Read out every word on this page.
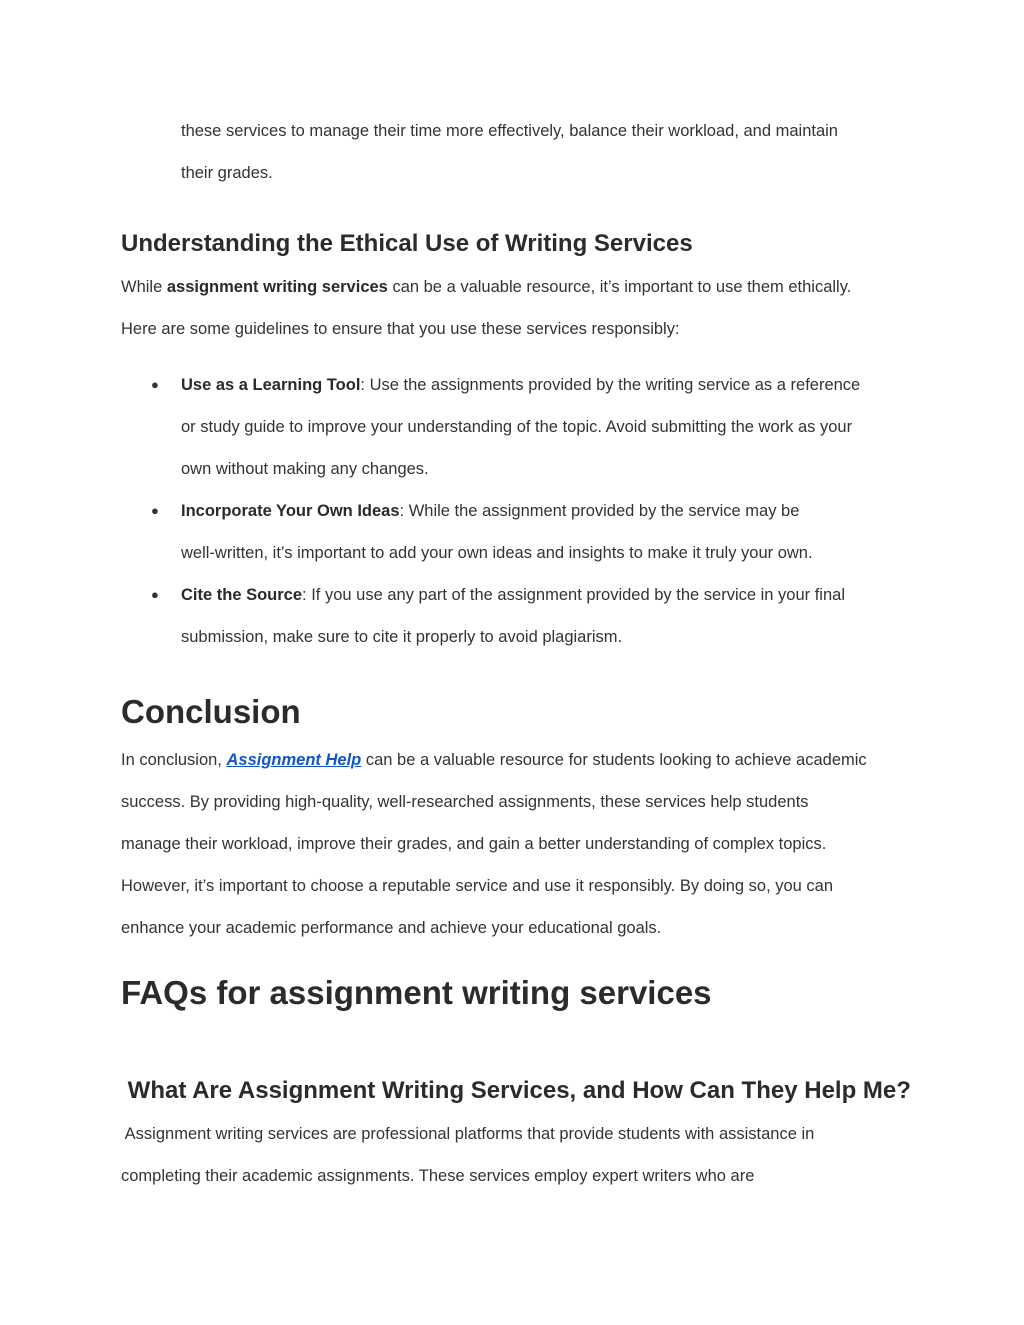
these services to manage their time more effectively, balance their workload, and maintain
their grades.
Understanding the Ethical Use of Writing Services
While assignment writing services can be a valuable resource, it’s important to use them ethically.
Here are some guidelines to ensure that you use these services responsibly:
● Use as a Learning Tool: Use the assignments provided by the writing service as a reference
or study guide to improve your understanding of the topic. Avoid submitting the work as your
own without making any changes.
● Incorporate Your Own Ideas: While the assignment provided by the service may be
well-written, it’s important to add your own ideas and insights to make it truly your own.
● Cite the Source: If you use any part of the assignment provided by the service in your final
submission, make sure to cite it properly to avoid plagiarism.
Conclusion
In conclusion, Assignment Help can be a valuable resource for students looking to achieve academic
success. By providing high-quality, well-researched assignments, these services help students
manage their workload, improve their grades, and gain a better understanding of complex topics.
However, it’s important to choose a reputable service and use it responsibly. By doing so, you can
enhance your academic performance and achieve your educational goals.
FAQs for assignment writing services
What Are Assignment Writing Services, and How Can They Help Me?
Assignment writing services are professional platforms that provide students with assistance in
completing their academic assignments. These services employ expert writers who are
